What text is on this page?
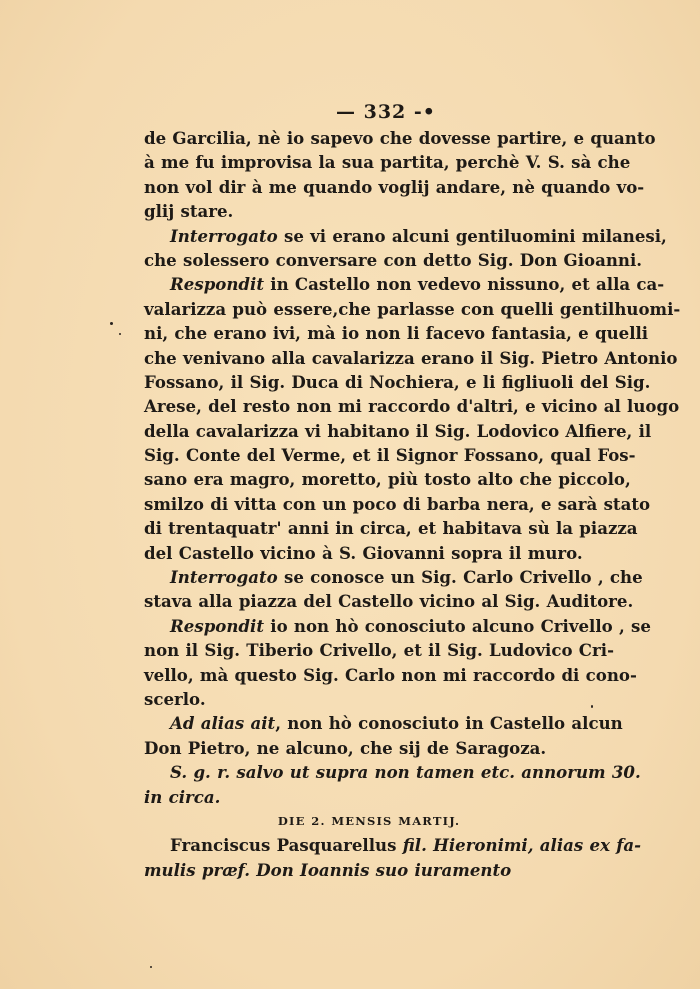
— 332 -•
de Garcilia, nè io sapevo che dovesse partire, e quanto
à me fu improvisa la sua partita, perchè V. S. sà che
non vol dir à me quando voglij andare, nè quando vo-
glij stare.
Interrogato se vi erano alcuni gentiluomini milanesi,
che solessero conversare con detto Sig. Don Gioanni.
Respondit in Castello non vedevo nissuno, et alla ca-
valarizza può essere,che parlasse con quelli gentilhuomi-
ni, che erano ivi, mà io non li facevo fantasia, e quelli
che venivano alla cavalarizza erano il Sig. Pietro Antonio
Fossano, il Sig. Duca di Nochiera, e li figliuoli del Sig.
Arese, del resto non mi raccordo d'altri, e vicino al luogo
della cavalarizza vi habitano il Sig. Lodovico Alfiere, il
Sig. Conte del Verme, et il Signor Fossano, qual Fos-
sano era magro, moretto, più tosto alto che piccolo,
smilzo di vitta con un poco di barba nera, e sarà stato
di trentaquatr' anni in circa, et habitava sù la piazza
del Castello vicino à S. Giovanni sopra il muro.
Interrogato se conosce un Sig. Carlo Crivello , che
stava alla piazza del Castello vicino al Sig. Auditore.
Respondit io non hò conosciuto alcuno Crivello , se
non il Sig. Tiberio Crivello, et il Sig. Ludovico Cri-
vello, mà questo Sig. Carlo non mi raccordo di cono-
scerlo.
Ad alias ait, non hò conosciuto in Castello alcun
Don Pietro, ne alcuno, che sij de Saragoza.
S. g. r. salvo ut supra non tamen etc. annorum 30.
in circa.
DIE 2. MENSIS MARTIJ.
Franciscus Pasquarellus fil. Hieronimi, alias ex fa-
mulis præf. Don Ioannis suo iuramento
